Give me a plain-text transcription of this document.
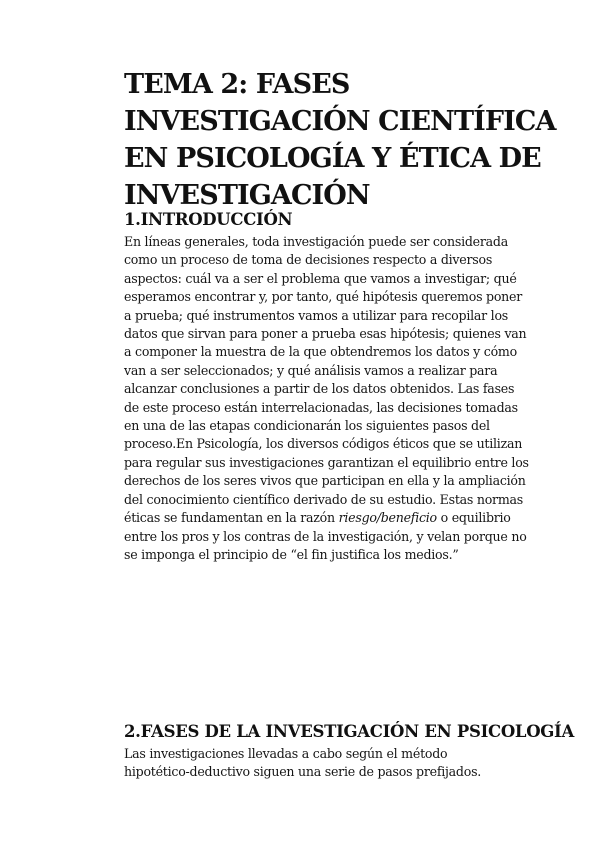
TEMA 2: FASES
INVESTIGACIÓN CIENTÍFICA
EN PSICOLOGÍA Y ÉTICA DE
INVESTIGACIÓN
1.INTRODUCCIÓN

En líneas generales, toda investigación puede ser considerada
como un proceso de toma de decisiones respecto a diversos
aspectos: cuál va a ser el problema que vamos a investigar; qué
esperamos encontrar y, por tanto, qué hipótesis queremos poner
a prueba; qué instrumentos vamos a utilizar para recopilar los
datos que sirvan para poner a prueba esas hipótesis; quienes van
a componer la muestra de la que obtendremos los datos y cómo
van a ser seleccionados; y qué análisis vamos a realizar para
alcanzar conclusiones a partir de los datos obtenidos. Las fases
de este proceso están interrelacionadas, las decisiones tomadas
en una de las etapas condicionarán los siguientes pasos del
proceso.En Psicología, los diversos códigos éticos que se utilizan
para regular sus investigaciones garantizan el equilibrio entre los
derechos de los seres vivos que participan en ella y la ampliación
del conocimiento científico derivado de su estudio. Estas normas
éticas se fundamentan en la razón riesgo/beneficio o equilibrio
entre los pros y los contras de la investigación, y velan porque no
se imponga el principio de “el fin justifica los medios.”

2.FASES DE LA INVESTIGACIÓN EN PSICOLOGÍA

Las investigaciones llevadas a cabo según el método
hipotético-deductivo siguen una serie de pasos prefijados.
